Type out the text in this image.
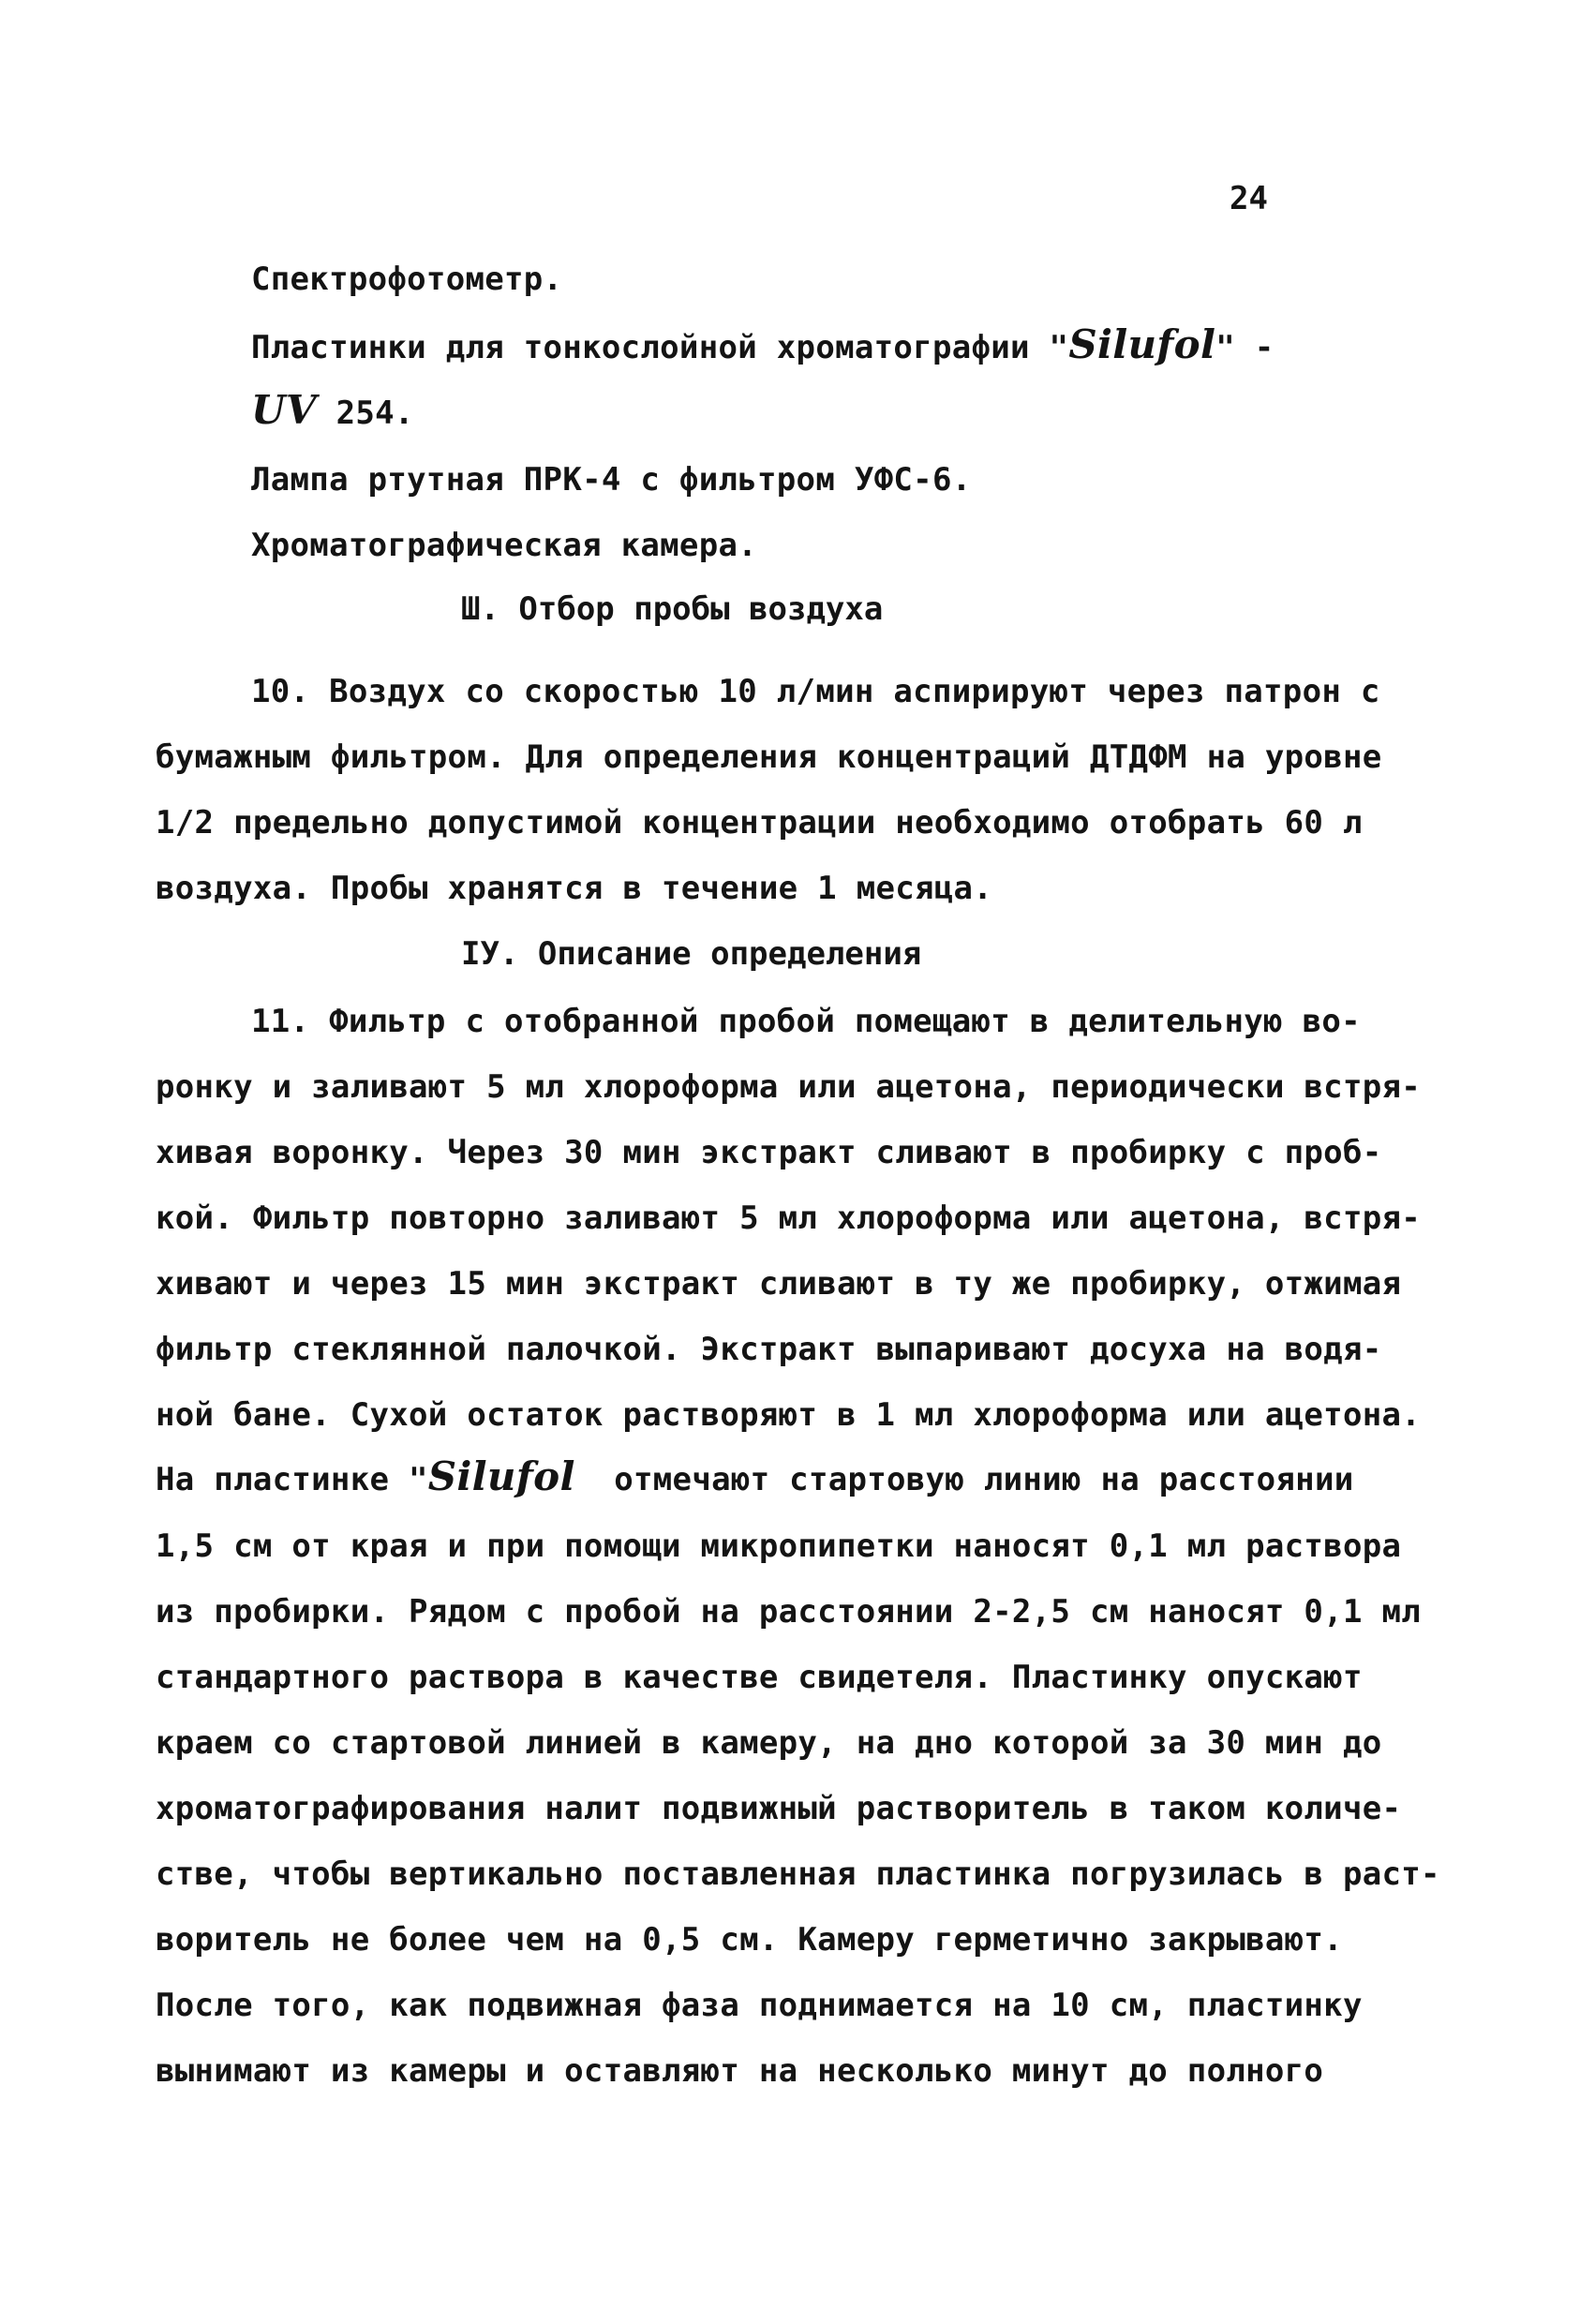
24
Спектрофотометр.
Пластинки для тонкослойной хроматографии "Silufol" -
UV 254.
Лампа ртутная ПРК-4 с фильтром УФС-6.
Хроматографическая камера.
Ш. Отбор пробы воздуха
10. Воздух со скоростью 10 л/мин аспирируют через патрон с
бумажным фильтром. Для определения концентраций ДТДФМ на уровне
1/2 предельно допустимой концентрации необходимо отобрать 60 л
воздуха. Пробы хранятся в течение 1 месяца.
IУ. Описание определения
11. Фильтр с отобранной пробой помещают в делительную во-
ронку и заливают 5 мл хлороформа или ацетона, периодически встря-
хивая воронку. Через 30 мин экстракт сливают в пробирку с проб-
кой. Фильтр повторно заливают 5 мл хлороформа или ацетона, встря-
хивают и через 15 мин экстракт сливают в ту же пробирку, отжимая
фильтр стеклянной палочкой. Экстракт выпаривают досуха на водя-
ной бане. Сухой остаток растворяют в 1 мл хлороформа или ацетона.
На пластинке "Silufol  отмечают стартовую линию на расстоянии
1,5 см от края и при помощи микропипетки наносят 0,1 мл раствора
из пробирки. Рядом с пробой на расстоянии 2-2,5 см наносят 0,1 мл
стандартного раствора в качестве свидетеля. Пластинку опускают
краем со стартовой линией в камеру, на дно которой за 30 мин до
хроматографирования налит подвижный растворитель в таком количе-
стве, чтобы вертикально поставленная пластинка погрузилась в раст-
воритель не более чем на 0,5 см. Камеру герметично закрывают.
После того, как подвижная фаза поднимается на 10 см, пластинку
вынимают из камеры и оставляют на несколько минут до полного
